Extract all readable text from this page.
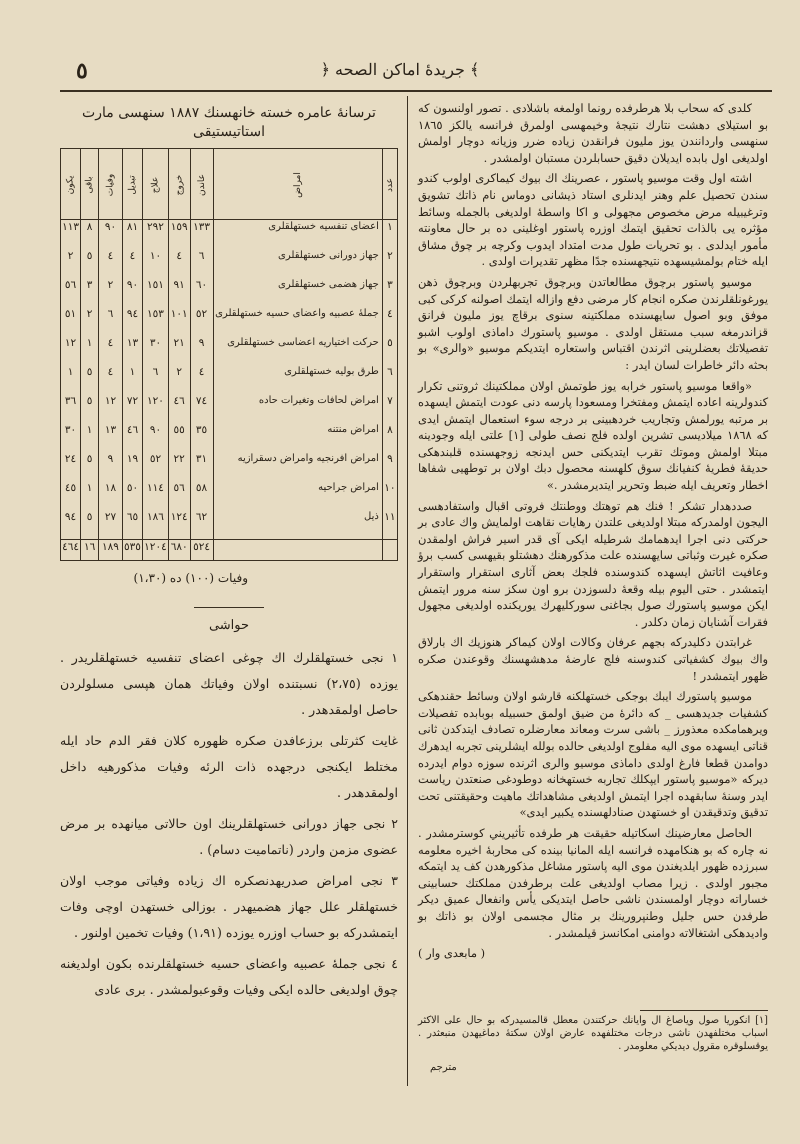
٥	﴿ جريدهٔ اماكن الصحه ﴾

كلدى كه سحاب بلا هرطرفده رونما اولمغه باشلادى . تصور اولنسون كه بو استيلاى دهشت نتارك نتيجهٔ وخيمهسى اولمرق فرانسه يالكز ١٨٦٥ سنهسى واردانندن يوز مليون فرانقدن زياده ضرر وزيانه دوچار اولمش اولديغى اول بابده ايديلان دقيق حسابلردن مستبان اولمشدر .

اشته اول وقت موسيو پاستور ، عصرينك اك بيوك كيماكرى اولوب كندو سندن تحصيل علم وهنر ايدنلرى استاد ذيشانى دوماس نام ذاتك تشويق وترغيبيله مرض مخصوص مجهولى و اكا واسطهٔ اولديغى بالجمله وسائط مؤثره يى بالذات تحقيق ايتمك اوزره پاستور اوغلينى ده بر حال معاونته مأمور ايدلدى . بو تحريات طول مدت امتداد ايدوب وكرچه بر چوق مشاق ايله ختام بولمشيسهده نتيجهسنده جدًا مظهر تقديرات اولدى .

موسيو پاستور برچوق مطالعاتدن وبرچوق تجربهلردن وبرچوق ذهن يورغونلقلرندن صكره انجام كار مرضى دفع وازاله ايتمك اصولنه كركى كبى موفق وبو اصول سايهسنده مملكتينه سنوى برقاچ يوز مليون فرانق قزاندرمغه سبب مستقل اولدى . موسيو پاستورك داماذى اولوب اشبو تفصيلاتك بعضلرينى اثرندن اقتباس واستعاره ايتديكم موسيو «والرى» بو بحثه دائر خاطرات لسان ايدر :

«واقعا موسيو پاستور خرابه يوز طوتمش اولان مملكتينك ثروتنى تكرار كندولرينه اعاده ايتمش ومفتخرا ومسعودا پارسه دنى عودت ايتمش ايسهده بر مرتبه يورلمش وتجاريب خردهبينى بر درجه سوء استعمال ايتمش ايدى كه ١٨٦٨ ميلاديسى تشرين اولده فلج نصف طولى [١] علتى ايله وجودينه مبتلا اولمش وموتك تقرب ايتديكنى حس ايدنجه زوجهسنده قلبندهكى حديقهٔ فطريهٔ كنفيانك سوق كلهسنه محصول دبك اولان بر توطهيى شفاها اخطار وتعريف ايله ضبط وتحرير ايتديرمشدر .»

صددهدار تشكر ! فنك هم توهتك ووطنتك فروتى اقبال واستفادهسى اليجون اولمدركه مبتلا اولديغى علتدن رهايات نقاهت اولمايش واك عادى بر حركتى دنى اجرا ايدهمامك شرطيله ايكى آى قدر اسير فراش اولمقدن صكره غيرت وثباتى سايهسنده علت مذكورهنك دهشتلو بقيهسى كسب برؤ وعافيت اثاتش ايسهده كندوسنده فلجك بعض آثارى استقرار واستقرار ايتمشدر . حتى اليوم بيله وقعهٔ دلسوزدن برو اون سكز سنه مرور ايتمش ايكن موسيو پاستورك صول بجاغنى سوركليهرك يوريكنده اولديغى مجهول فقرات آشنايان زمان دكلدر .

غرابتدن دكليدركه بجهم عرفان وكالات اولان كيماكر هنوزيك اك بارلاق واك بيوك كشفياتى كندوسنه فلج عارضهٔ مدهشهسنك وقوعندن صكره ظهور ايتمشدر !

موسيو پاستورك ايبك بوجكى خستهلكنه قارشو اولان وسائط حقندهكى كشفيات جديدهسى _ كه دائرهٔ من ضيق اولمق حسبيله بوبابده تفصيلات ويرهمامكده معذورز _ باشى سرت ومعاند معارضلره تصادف ايتدكدن ثانى قناتى ايسهده موى اليه مفلوج اولديغى حالده بولله ايشلرينى تجربه ايدهرك دوامدن قطعا فارغ اولدى داماذى موسيو والرى اثرنده سوزه دوام ايدرده ديركه «موسيو پاستور ايپكلك تجاربه خستهخانه دوطودغى صنعتدن رياست ايدر وسنهٔ سابقهده اجرا ايتمش اولديغى مشاهداتك ماهيت وحقيقتنى تحت تدقيق وتدقيقدن او خستهدن صنادلهسنده يكبير ايدى»

الحاصل معارضينك اسكاتيله حقيقت هر طرفده تأثيريني كوسترمشدر . نه چاره كه بو هنكامهده فرانسه ايله المانيا بينده كى محاربهٔ اخيره معلومه سبرزده ظهور ايلديغندن موى اليه پاستور مشاغل مذكورهدن كف يد ايتمكه مجبور اولدى . زيرا مصاب اولديغى علت برطرفدن مملكتك حسابينى خساراته دوچار اولمسندن ناشى حاصل ايتديكى يأس وانفعال عميق ديكر طرفدن حس جليل وطنپرورينك بر مثال مجسمى اولان بو ذاتك بو واديدهكى اشتغالاته دوامنى امكانسز قيلمشدر .

( مابعدى وار )
ترسانهٔ عامره خسته خانهسنك ١٨٨٧ سنهسى مارت استاتيستيقى
عدد	امراض	عاندن	خروج	علاج	تبديل	وفيات	باقى	يكون
١	اعضاى تنفسيه خستهلقلرى	١٣٣	١٥٩	٢٩٢	٨١	٩٠	٨	١١٣
٢	جهاز دورانى خستهلقلرى	٦	٤	١٠	٤	٤	٥	٢
٣	جهاز هضمى خستهلقلرى	٦٠	٩١	١٥١	٩٠	٢	٣	٥٦
٤	جملهٔ عصبيه واعضاى حسيه خستهلقلرى	٥٢	١٠١	١٥٣	٩٤	٦	٢	٥١
٥	حركت اختياريه اعضاسى خستهلقلرى	٩	٢١	٣٠	١٣	٤	١	١٢
٦	طرق بوليه خستهلقلرى	٤	٢	٦	١	٤	٥	١
٧	امراض لحافات وتغيرات حاده	٧٤	٤٦	١٢٠	٧٢	١٢	٥	٣٦
٨	امراض منتنه	٣٥	٥٥	٩٠	٤٦	١٣	١	٣٠
٩	امراض افرنجيه وامراض دسقرازيه	٣١	٢٢	٥٢	١٩	٩	٥	٢٤
١٠	امراض جراحيه	٥٨	٥٦	١١٤	٥٠	١٨	١	٤٥
١١	ذيل	٦٢	١٢٤	١٨٦	٦٥	٢٧	٥	٩٤
		٥٢٤	٦٨٠	١٢٠٤	٥٣٥	١٨٩	١٦	٤٦٤
وفيات (١٠٠) ده (١،٣٠)
حواشى

١ نجى خستهلقلرك اك چوغى اعضاى تنفسيه خستهلقلريدر . يوزده (٢،٧٥) نسبتنده اولان وفياتك همان هپسى مسلولردن حاصل اولمقدهدر .

غايت كثرتلى برزعافدن صكره ظهوره كلان فقر الدم حاد ايله مختلط ايكنجى درجهده ذات الرئه وفيات مذكورهيه داخل اولمقدهدر .

٢ نجى جهاز دورانى خستهلقلرينك اون حالاتى ميانهده بر مرض عضوى مزمن واردر (ناتماميت دسام) .

٣ نجى امراض صدريهدنصكره اك زياده وفياتى موجب اولان خستهلقلر علل جهاز هضميهدر . بوزالى خستهدن اوچى وفات ايتمشدركه بو حساب اوزره يوزده (١،٩١) وفيات تخمين اولنور .

٤ نجى جملهٔ عصبيه واعضاى حسيه خستهلقلرنده بكون اولديغنه چوق اولديغى حالده ايكى وفيات وقوعبولمشدر . برى عادى

[١] انكوريا صول وياصاغ ال وايانك حركتندن معطل قالمسيدركه بو حال على الاكثر اسباب مختلفهدن ناشى درجات مختلفهده عارض اولان سكتهٔ دماغيهدن منبعثدر . يوقسلوقره مقرول ديديكي معلومدر .
مترجم
